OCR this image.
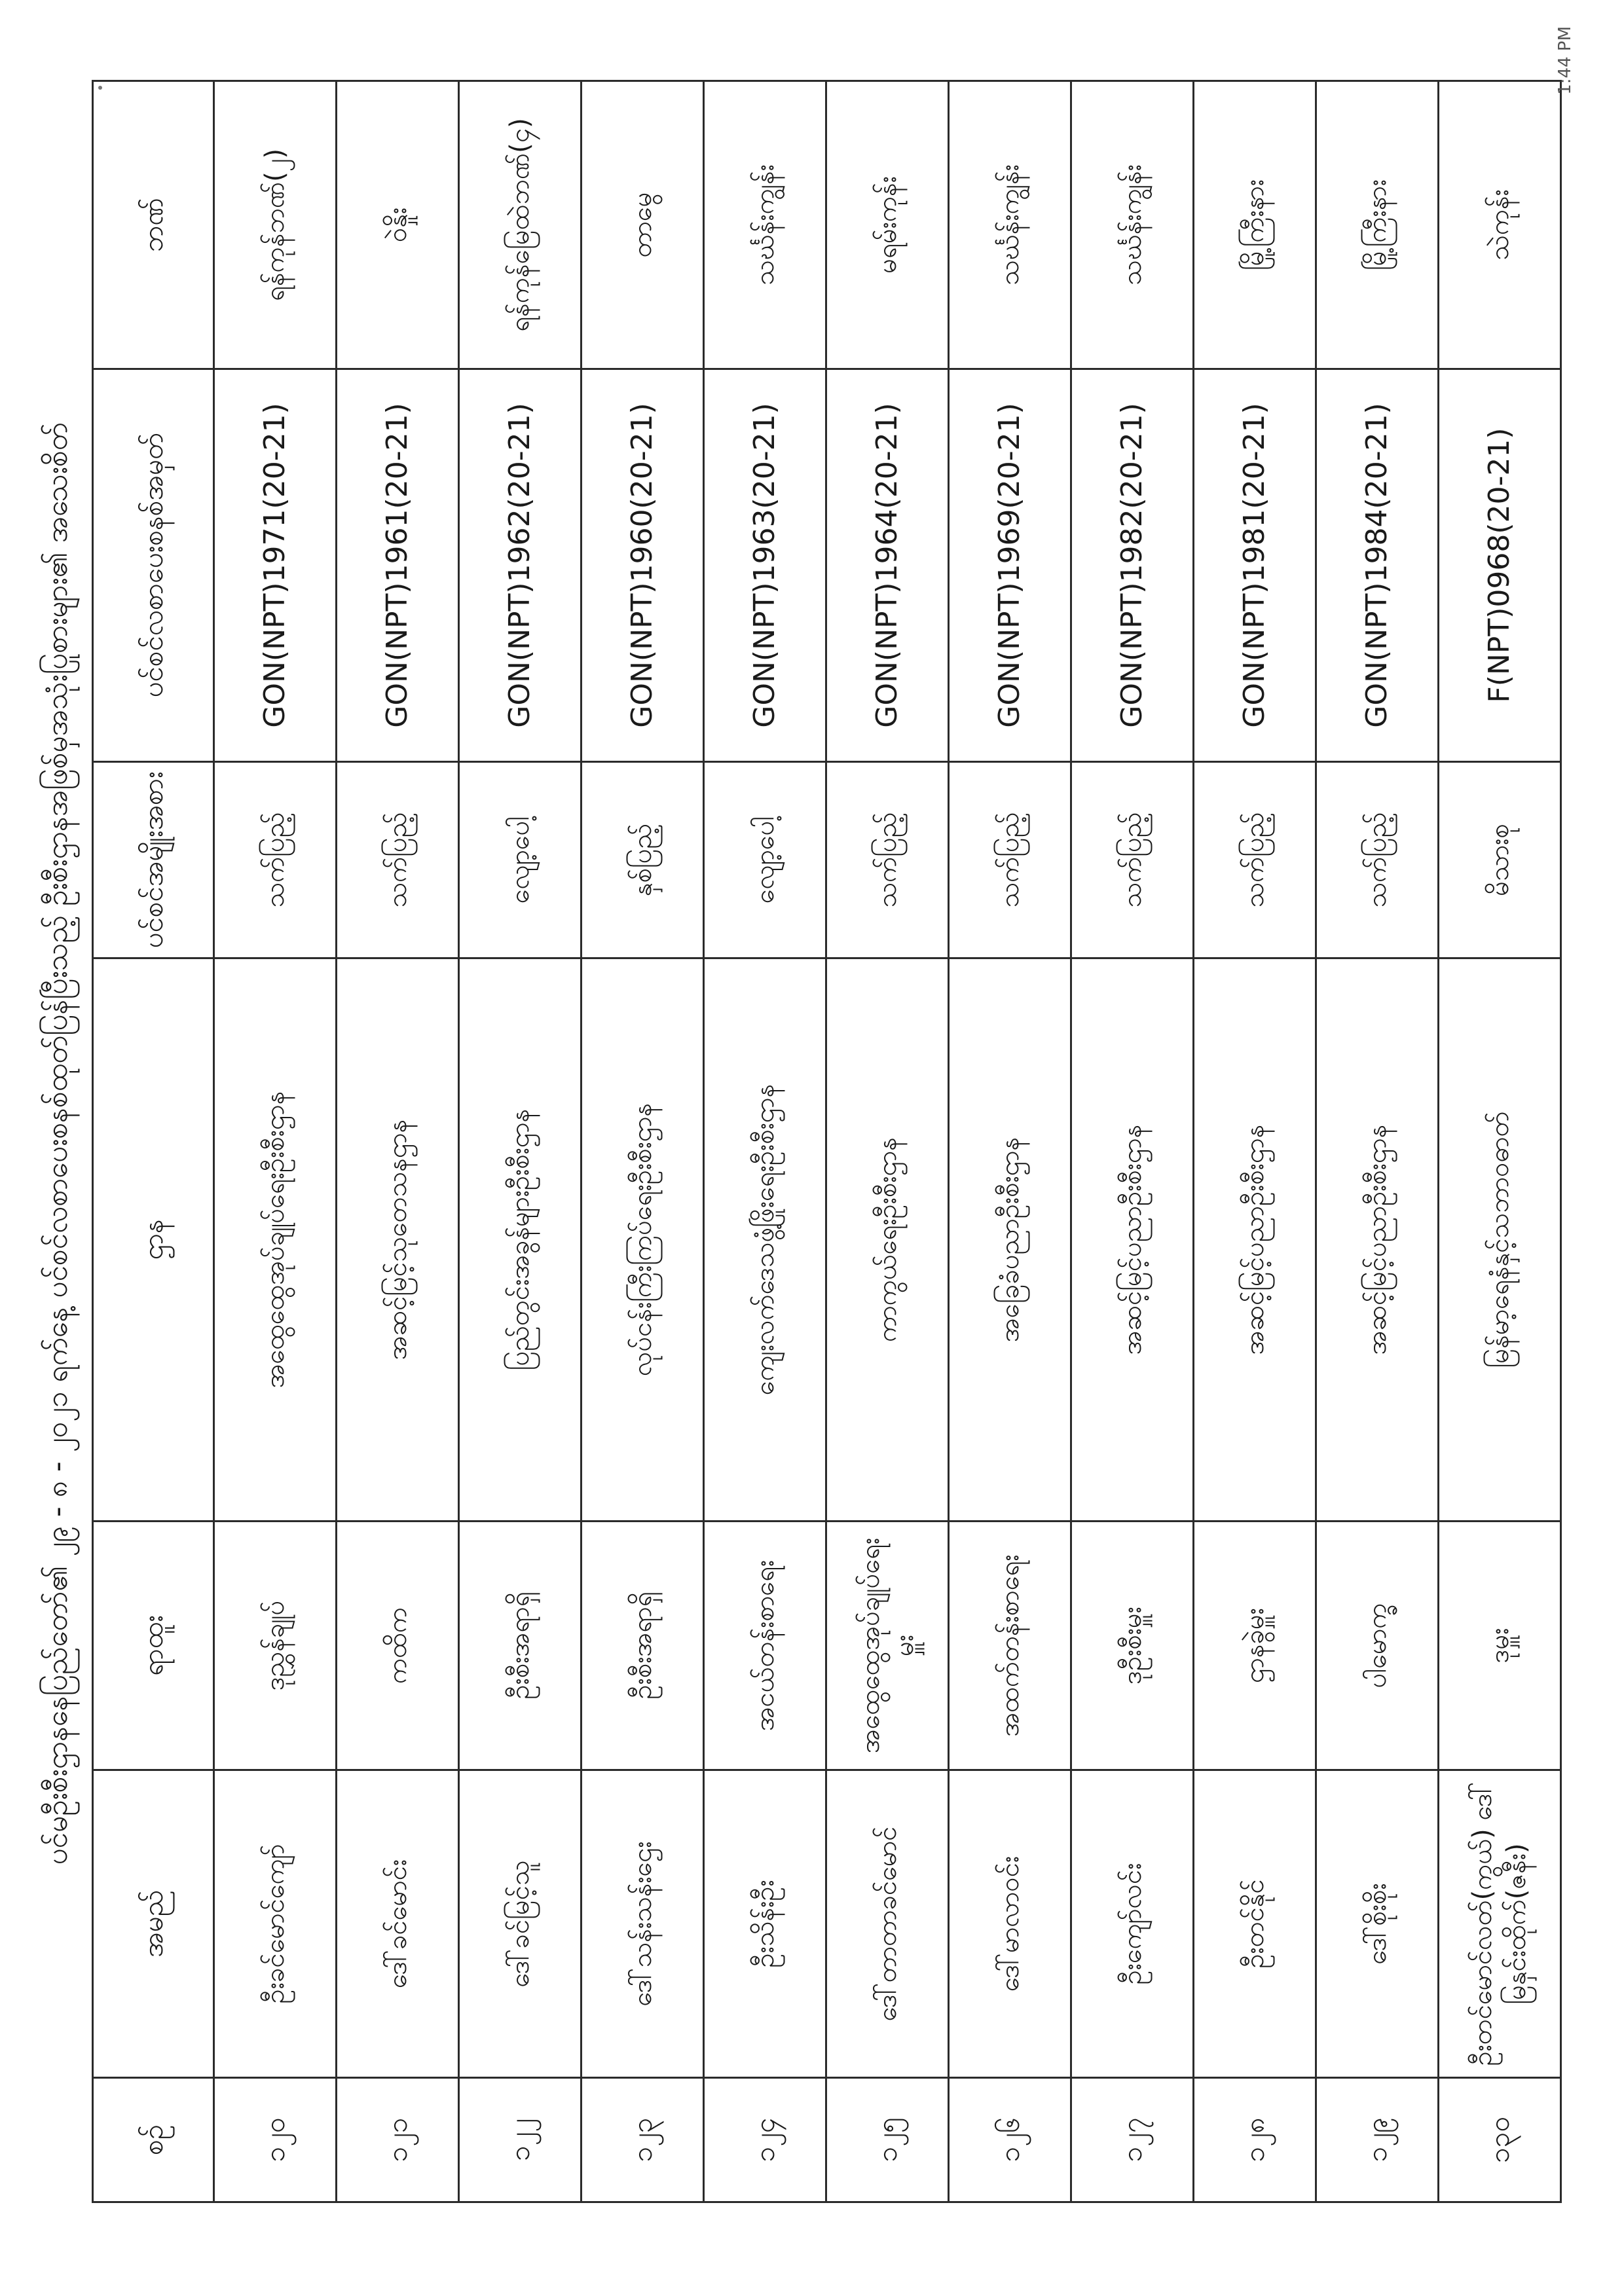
ပင်မဦးစီးဌာနနေပြည်တော်၏ ၂၉ - ၈ - ၂၀၂၁ ရက်နေ့ ပင်စင်လစာပေးစနစ်ထုတ်ပြန်ပြီးသည့် ဦးစီးဌာနအဖြစ်မှအသုံးပြုစားများ၏ အသေးစိတ်
စဉ်	အမည်	ရာထူး	ဌာန	ပင်စင်အမျိုးအစား	ပင်စင်လစာပေးစနစ်အမှတ်	ဘဏ်
၁၂၀	ဦးခင်မောင်ကျော်	ဒုညွှန်ချုပ်	အထွေထွေအုပ်ချုပ်ရေးဦးစီးဌာန	သက်ပြည့်	GON(NPT)1971(20-21)	ရန်ကုန်ဘဏ်(၂)
၁၂၁	ဒေါ်ခင်မောင်း	ကထိက	အဆင့်မြင့်သုတေသနဌာန	သက်ပြည့်	GON(NPT)1961(20-21)	ဝဲနှိုး
၁၂၂	ဒေါ်ခင်မြင့်သူ	ဦးစီးအရာရှိ	ပြည်တွင်းအခွန်များဦးစီးဌာန	လျော့ပေါ့	GON(NPT)1962(20-21)	ရန်ကုန်မြေထဲဘဏ်(၄)
၁၂၃	ဒေါ်သန်းသန်းဌေး	ဦးစီးအရာရှိ	လုပ်ငန်းကြီးကြပ်ရေးဦးစီးဌာန	နှစ်ပြည့်	GON(NPT)1960(20-21)	တာမွေ
၁၂၄	ဦးသိန်းဦး	အငယ်တန်းစာရေး	ကျေးလက်ဒေသဖွံ့ဖြိုးရေးဦးစီးဌာန	လျော့ပေါ့	GON(NPT)1963(20-21)	သင်္ဃန်းကျွန်း
၁၂၅	ဒေါ်တာတာခင်မောင်	အထွေထွေအုပ်ချုပ်ရေးမှူး	ကာကွယ်ရေးဦးစီးဌာန	သက်ပြည့်	GON(NPT)1964(20-21)	မရမ်းကုန်း
၁၂၆	ဒေါ်မာလာဝင်း	အထက်တန်းစာရေး	အခြေခံပညာဦးစီးဌာန	သက်ပြည့်	GON(NPT)1969(20-21)	သင်္ဃန်းကျွန်း
၁၂၇	ဦးကျော်လင်း	ဒုဦးစီးမှူး	အဆင့်မြင့်ပညာဦးစီးဌာန	သက်ပြည့်	GON(NPT)1982(20-21)	သင်္ဃန်းကျွန်း
၁၂၈	ဦးတင်နိုင်	ဌာနခွဲမှူး	အဆင့်မြင့်ပညာဦးစီးဌာန	သက်ပြည့်	GON(NPT)1981(20-21)	မြို့ကြီးနား
၁၂၉	ဒေါ်စိုးစိုး	ပါမောက္ခ	အဆင့်မြင့်ပညာဦးစီးဌာန	သက်ပြည့်	GON(NPT)1984(20-21)	မြို့ကြီးနား
၁၃၀	ဦးတင်မောင်လတ်(ကွယ်) ဒေါ်မြနှင်းထိုက်(ဇနီး)	ဒုမှူး	မြန်မာ့ရေနံနှင့်သဘာဝဓာတ်	မိသားစု	F(NPT)0968(20-21)	သဲကုန်း
1:44 PM
